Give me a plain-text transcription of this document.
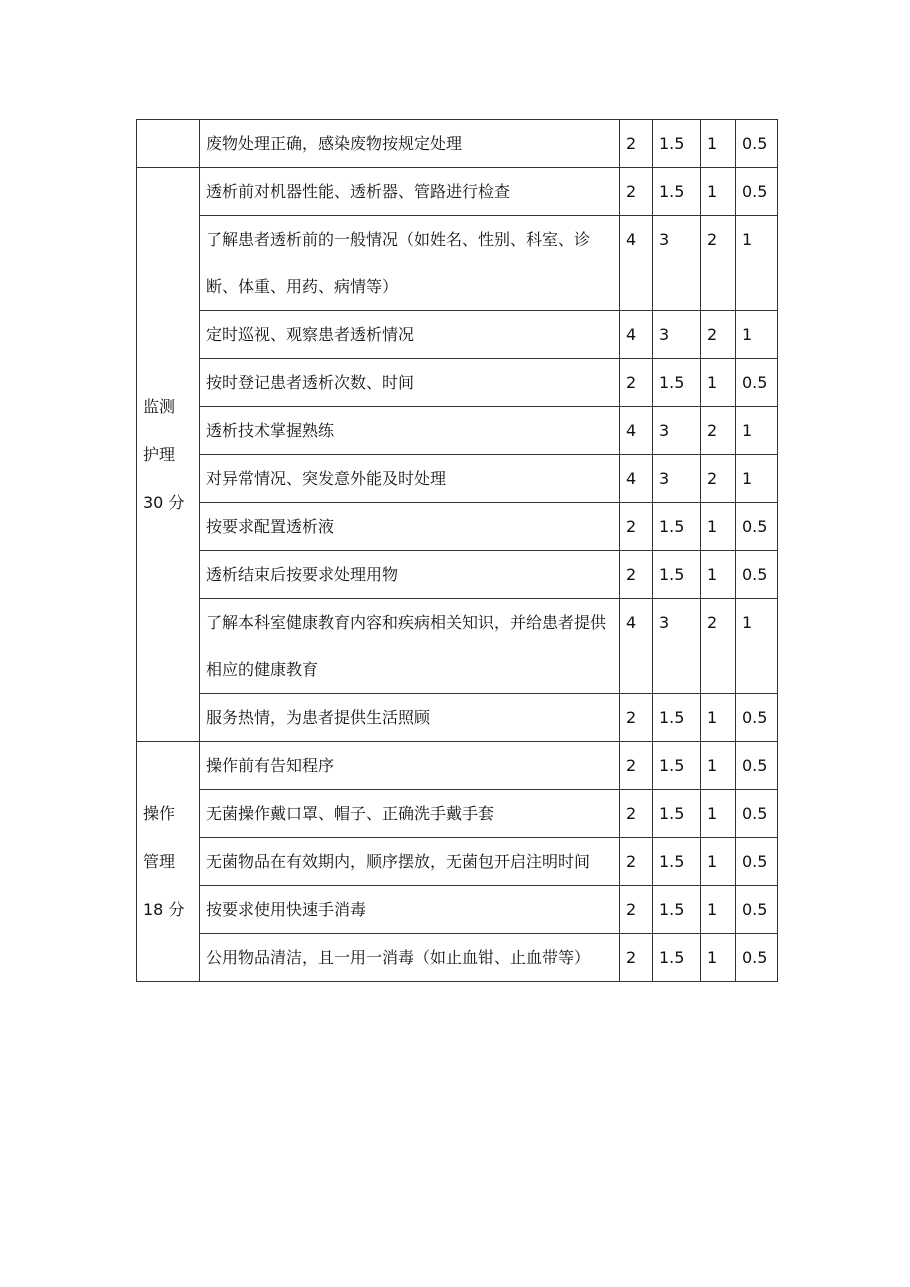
	废物处理正确，感染废物按规定处理	2	1.5	1	0.5

监测
护理
30 分	透析前对机器性能、透析器、管路进行检查	2	1.5	1	0.5
	了解患者透析前的一般情况（如姓名、性别、科室、诊断、体重、用药、病情等）	4	3	2	1
	定时巡视、观察患者透析情况	4	3	2	1
	按时登记患者透析次数、时间	2	1.5	1	0.5
	透析技术掌握熟练	4	3	2	1
	对异常情况、突发意外能及时处理	4	3	2	1
	按要求配置透析液	2	1.5	1	0.5
	透析结束后按要求处理用物	2	1.5	1	0.5
	了解本科室健康教育内容和疾病相关知识，并给患者提供相应的健康教育	4	3	2	1
	服务热情，为患者提供生活照顾	2	1.5	1	0.5

操作
管理
18 分	操作前有告知程序	2	1.5	1	0.5
	无菌操作戴口罩、帽子、正确洗手戴手套	2	1.5	1	0.5
	无菌物品在有效期内，顺序摆放，无菌包开启注明时间	2	1.5	1	0.5
	按要求使用快速手消毒	2	1.5	1	0.5
	公用物品清洁，且一用一消毒（如止血钳、止血带等）	2	1.5	1	0.5
